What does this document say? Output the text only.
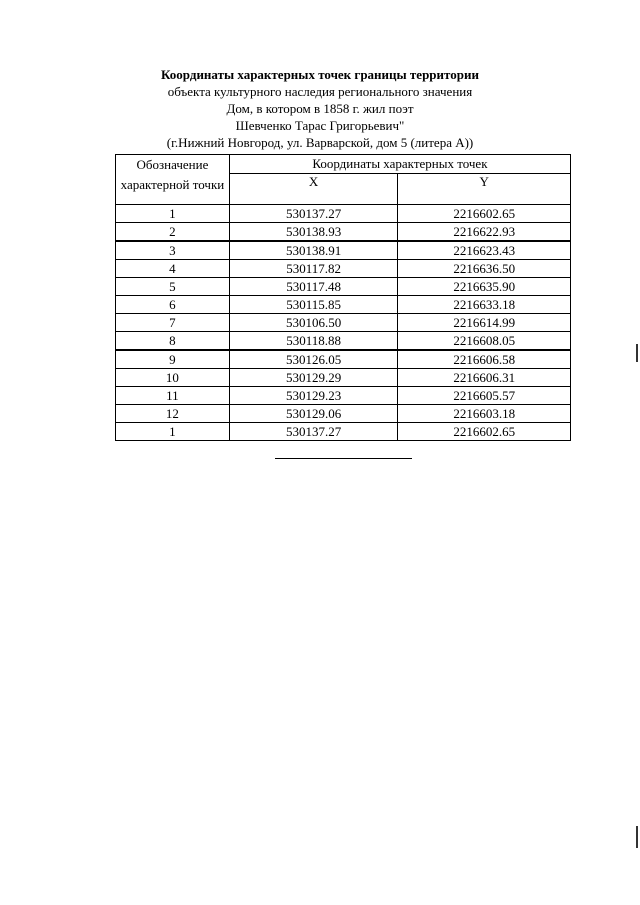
Координаты характерных точек границы территории
объекта культурного наследия регионального значения
Дом, в котором в 1858 г. жил поэт
Шевченко Тарас Григорьевич"
(г.Нижний Новгород, ул. Варварской, дом 5 (литера А))
Обозначение характерной точки	Координаты характерных точек	
	X	Y
1	530137.27	2216602.65
2	530138.93	2216622.93
3	530138.91	2216623.43
4	530117.82	2216636.50
5	530117.48	2216635.90
6	530115.85	2216633.18
7	530106.50	2216614.99
8	530118.88	2216608.05
9	530126.05	2216606.58
10	530129.29	2216606.31
11	530129.23	2216605.57
12	530129.06	2216603.18
1	530137.27	2216602.65
